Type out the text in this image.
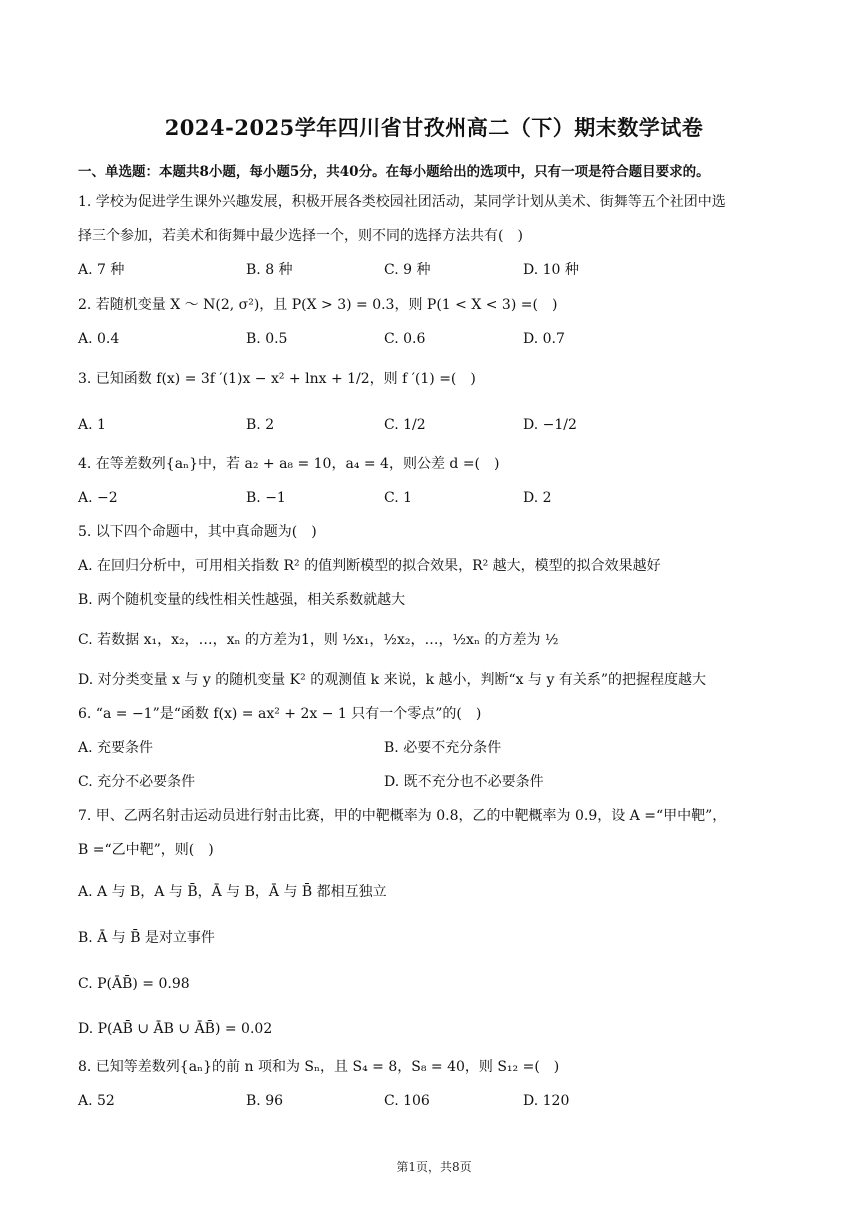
2024-2025学年四川省甘孜州高二（下）期末数学试卷
一、单选题：本题共8小题，每小题5分，共40分。在每小题给出的选项中，只有一项是符合题目要求的。
1. 学校为促进学生课外兴趣发展，积极开展各类校园社团活动，某同学计划从美术、街舞等五个社团中选
择三个参加，若美术和街舞中最少选择一个，则不同的选择方法共有(　)
A. 7 种	B. 8 种	C. 9 种	D. 10 种
2. 若随机变量 X ～ N(2, σ²)，且 P(X > 3) = 0.3，则 P(1 < X < 3) =(　)
A. 0.4	B. 0.5	C. 0.6	D. 0.7
3. 已知函数 f(x) = 3f ′(1)x − x² + lnx + 1/2，则 f ′(1) =(　)
A. 1	B. 2	C. 1/2	D. −1/2
4. 在等差数列{aₙ}中，若 a₂ + a₈ = 10，a₄ = 4，则公差 d =(　)
A. −2	B. −1	C. 1	D. 2
5. 以下四个命题中，其中真命题为(　)
A. 在回归分析中，可用相关指数 R² 的值判断模型的拟合效果，R² 越大，模型的拟合效果越好
B. 两个随机变量的线性相关性越强，相关系数就越大
C. 若数据 x₁，x₂，…，xₙ 的方差为1，则 ½x₁，½x₂，…，½xₙ 的方差为 ½
D. 对分类变量 x 与 y 的随机变量 K² 的观测值 k 来说，k 越小，判断“x 与 y 有关系”的把握程度越大
6. “a = −1”是“函数 f(x) = ax² + 2x − 1 只有一个零点”的(　)
A. 充要条件	B. 必要不充分条件
C. 充分不必要条件	D. 既不充分也不必要条件
7. 甲、乙两名射击运动员进行射击比赛，甲的中靶概率为 0.8，乙的中靶概率为 0.9，设 A =“甲中靶”，
B =“乙中靶”，则(　)
A. A 与 B，A 与 B̄，Ā 与 B，Ā 与 B̄ 都相互独立
B. Ā 与 B̄ 是对立事件
C. P(ĀB̄) = 0.98
D. P(AB̄ ∪ ĀB ∪ ĀB̄) = 0.02
8. 已知等差数列{aₙ}的前 n 项和为 Sₙ，且 S₄ = 8，S₈ = 40，则 S₁₂ =(　)
A. 52	B. 96	C. 106	D. 120
第1页，共8页
